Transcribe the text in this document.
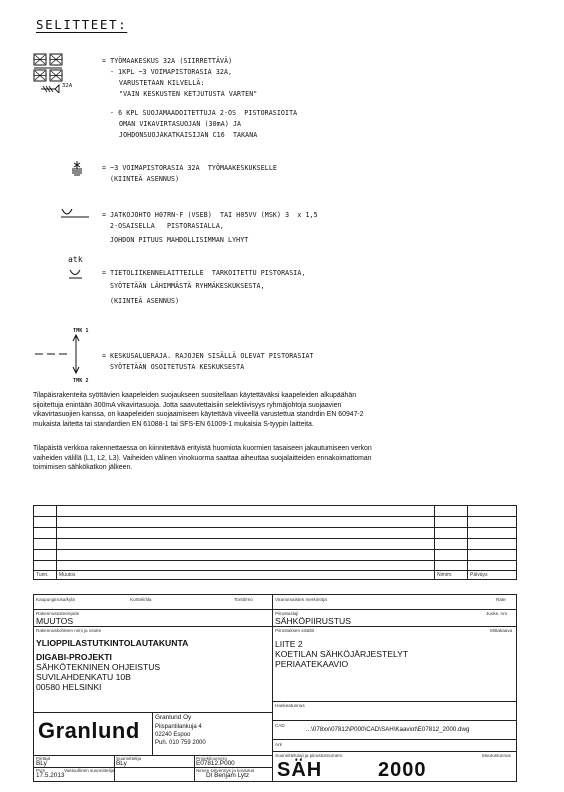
SELITTEET:
32A
= TYÖMAAKESKUS 32A (SIIRRETTÄVÄ)
- 1KPL ~3 VOIMAPISTORASIA 32A,
VARUSTETAAN KILVELLÄ:
"VAIN KESKUSTEN KETJUTUSTA VARTEN"
- 6 KPL SUOJAMAADOITETTUJA 2-OS  PISTORASIOITA
OMAN VIKAVIRTASUOJAN (30mA) JA
JOHDONSUOJAKATKAISIJAN C16  TAKANA
= ~3 VOIMAPISTORASIA 32A  TYÖMAAKESKUKSELLE
(KIINTEÄ ASENNUS)
= JATKOJOHTO H07RN-F (VSEB)  TAI H05VV (MSK) 3  x 1,5
2-OSAISELLA   PISTORASIALLA,
JOHDON PITUUS MAHDOLLISIMMAN LYHYT
atk
= TIETOLIIKENNELAITTEILLE  TARKOITETTU PISTORASIA,
SYÖTETÄÄN LÄHIMMÄSTÄ RYHMÄKESKUKSESTA,
(KIINTEÄ ASENNUS)
TMK 1
TMK 2
= KESKUSALUERAJA. RAJOJEN SISÄLLÄ OLEVAT PISTORASIAT
SYÖTETÄÄN OSOITETUSTA KESKUKSESTA
Tilapäisrakenteita syöttävien kaapeleiden suojaukseen suositellaan käytettäväksi kaapeleiden alkupäähän
sijoitettuja enintään 300mA vikavirtasuoja. Jotta saavutettaisiin selektiivisyys ryhmäjohtoja suojaavien
vikavirtasuojien kanssa, on kaapeleiden suojaamiseen käytettävä viiveellä varustettua standrdin EN 60947-2
mukaista laitetta tai standardien EN 61088-1 tai SFS-EN 61009-1 mukaisia S-tyypin laitteita.
Tilapäistä verkkoa rakennettaessa on kiinnitettävä erityistä huomiota kuormien tasaiseen jakautumiseen verkon
vaiheiden välillä (L1, L2, L3). Vaiheiden välinen vinokuorma saattaa aiheuttaa suojalaitteiden ennakoimattoman
toimimisen sähkökatkon jälkeen.
Tunn. Muutos	Nimim.	Päiväys
Kaupunginosa/kylä	Kortteli/tila	Tontti/rno	Viranomaisten merkintöjä	Rate
Rakennustoimenpide
MUUTOS
Piirustuslaji
SÄHKÖPIIRUSTUS
Juoks. nro
Rakennuskohteen nimi ja osoite
YLIOPPILASTUTKINTOLAUTAKUNTA
DIGABI-PROJEKTI
SÄHKÖTEKNINEN OHJEISTUS
SUVILAHDENKATU 10B
00580 HELSINKI
Piirustuksen sisältö	Mittakaava
LIITE 2
KOETILAN SÄHKÖJÄRJESTELYT
PERIAATEKAAVIO
Granlund
Granlund Oy
Piispantilankuja 4
02240 Espoo
Puh. 010 759 2000
Piirtäjä
BLy
Suunnittelija
BLy
Projektinumero
E07812.P000
Pvm
17.5.2013
Vastuullinen suunnittelija	Nimen selvennys ja koulutus
DI Benjam Lytz
Hankeatunnus
CAD
...\078xx\07812\P000\CAD\SAH\Kaaviot\E07812_2000.dwg
Ark
Suunnittelulaji ja piirustusnumero	Muutostunnus
SÄH	2000
